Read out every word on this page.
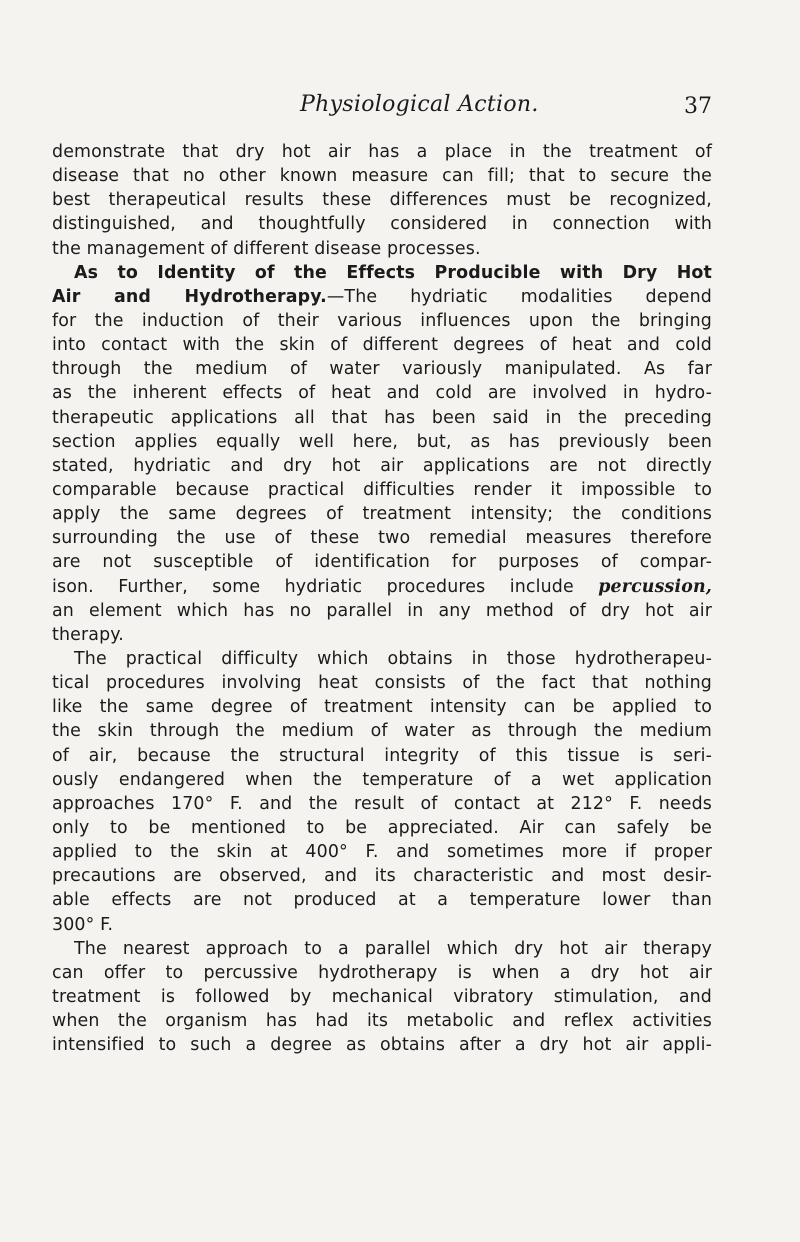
Physiological Action.	37
demonstrate that dry hot air has a place in the treatment of
disease that no other known measure can fill; that to secure the
best therapeutical results these differences must be recognized,
distinguished, and thoughtfully considered in connection with
the management of different disease processes.
As to Identity of the Effects Producible with Dry Hot
Air and Hydrotherapy.—The hydriatic modalities depend
for the induction of their various influences upon the bringing
into contact with the skin of different degrees of heat and cold
through the medium of water variously manipulated. As far
as the inherent effects of heat and cold are involved in hydro-
therapeutic applications all that has been said in the preceding
section applies equally well here, but, as has previously been
stated, hydriatic and dry hot air applications are not directly
comparable because practical difficulties render it impossible to
apply the same degrees of treatment intensity; the conditions
surrounding the use of these two remedial measures therefore
are not susceptible of identification for purposes of compar-
ison. Further, some hydriatic procedures include percussion,
an element which has no parallel in any method of dry hot air
therapy.
The practical difficulty which obtains in those hydrotherapeu-
tical procedures involving heat consists of the fact that nothing
like the same degree of treatment intensity can be applied to
the skin through the medium of water as through the medium
of air, because the structural integrity of this tissue is seri-
ously endangered when the temperature of a wet application
approaches 170° F. and the result of contact at 212° F. needs
only to be mentioned to be appreciated. Air can safely be
applied to the skin at 400° F. and sometimes more if proper
precautions are observed, and its characteristic and most desir-
able effects are not produced at a temperature lower than
300° F.
The nearest approach to a parallel which dry hot air therapy
can offer to percussive hydrotherapy is when a dry hot air
treatment is followed by mechanical vibratory stimulation, and
when the organism has had its metabolic and reflex activities
intensified to such a degree as obtains after a dry hot air appli-
